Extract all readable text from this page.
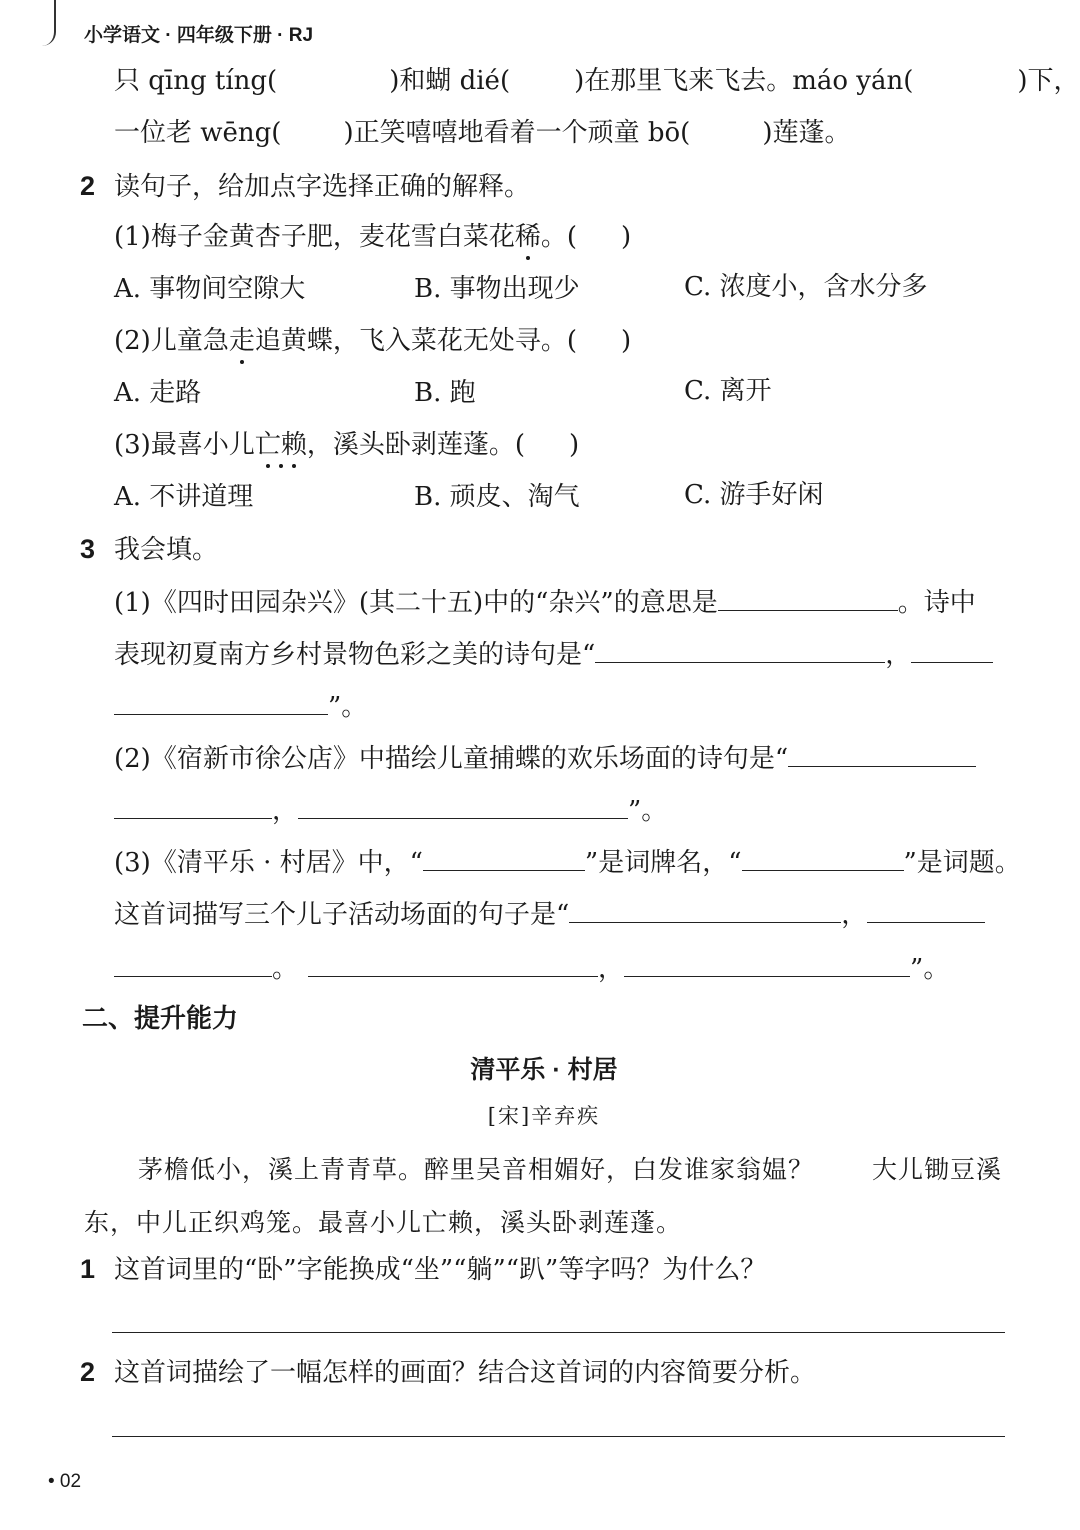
小学语文 · 四年级下册 · RJ
只 qīng tíng(	)和蝴 dié( )在那里飞来飞去。máo yán(	)下，
一位老 wēng( )正笑嘻嘻地看着一个顽童 bō(	)莲蓬。
2 读句子，给加点字选择正确的解释。
(1)梅子金黄杏子肥，麦花雪白菜花稀。( )
A. 事物间空隙大	B. 事物出现少	C. 浓度小，含水分多
(2)儿童急走追黄蝶，飞入菜花无处寻。( )
A. 走路	B. 跑	C. 离开
(3)最喜小儿亡赖，溪头卧剥莲蓬。( )
A. 不讲道理	B. 顽皮、淘气	C. 游手好闲
3 我会填。
(1)《四时田园杂兴》(其二十五)中的“杂兴”的意思是	。诗中
表现初夏南方乡村景物色彩之美的诗句是“	，
”。
(2)《宿新市徐公店》中描绘儿童捕蝶的欢乐场面的诗句是“
，	”。
(3)《清平乐 · 村居》中，“	”是词牌名，“	”是词题。
这首词描写三个儿子活动场面的句子是“	，
。	，	”。
二、提升能力
清平乐 · 村居
[宋]辛弃疾
茅檐低小，溪上青青草。醉里吴音相媚好，白发谁家翁媪？ 大儿锄豆溪
东，中儿正织鸡笼。最喜小儿亡赖，溪头卧剥莲蓬。
1 这首词里的“卧”字能换成“坐”“躺”“趴”等字吗？为什么？
2 这首词描绘了一幅怎样的画面？结合这首词的内容简要分析。
• 02
